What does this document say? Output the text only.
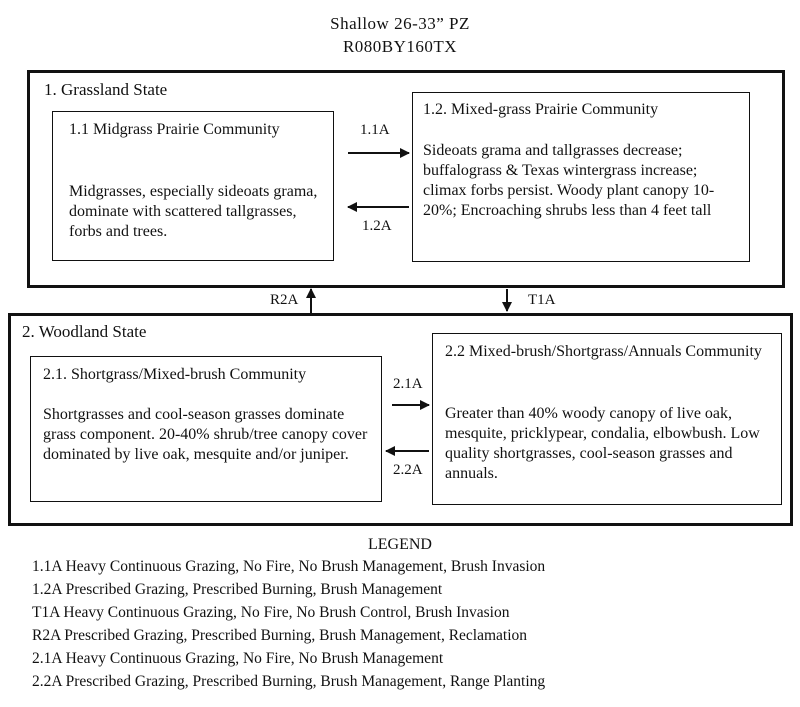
Shallow 26-33” PZ
R080BY160TX
1. Grassland State
1.1 Midgrass Prairie Community
Midgrasses, especially sideoats grama, dominate with scattered tallgrasses, forbs and trees.
1.2. Mixed-grass Prairie Community
Sideoats grama and tallgrasses decrease; buffalograss & Texas wintergrass increase; climax forbs persist. Woody plant canopy 10-20%; Encroaching shrubs less than 4 feet tall
2. Woodland State
2.1. Shortgrass/Mixed-brush Community
Shortgrasses and cool-season grasses dominate grass component. 20-40% shrub/tree canopy cover dominated by live oak, mesquite and/or juniper.
2.2 Mixed-brush/Shortgrass/Annuals Community
Greater than 40% woody canopy of live oak, mesquite, pricklypear, condalia, elbowbush. Low quality shortgrasses, cool-season grasses and annuals.
1.1A
1.2A
R2A	T1A
2.1A
2.2A
LEGEND
1.1A Heavy Continuous Grazing, No Fire, No Brush Management, Brush Invasion
1.2A Prescribed Grazing, Prescribed Burning, Brush Management
T1A Heavy Continuous Grazing, No Fire, No Brush Control, Brush Invasion
R2A Prescribed Grazing, Prescribed Burning, Brush Management, Reclamation
2.1A Heavy Continuous Grazing, No Fire, No Brush Management
2.2A Prescribed Grazing, Prescribed Burning, Brush Management, Range Planting
